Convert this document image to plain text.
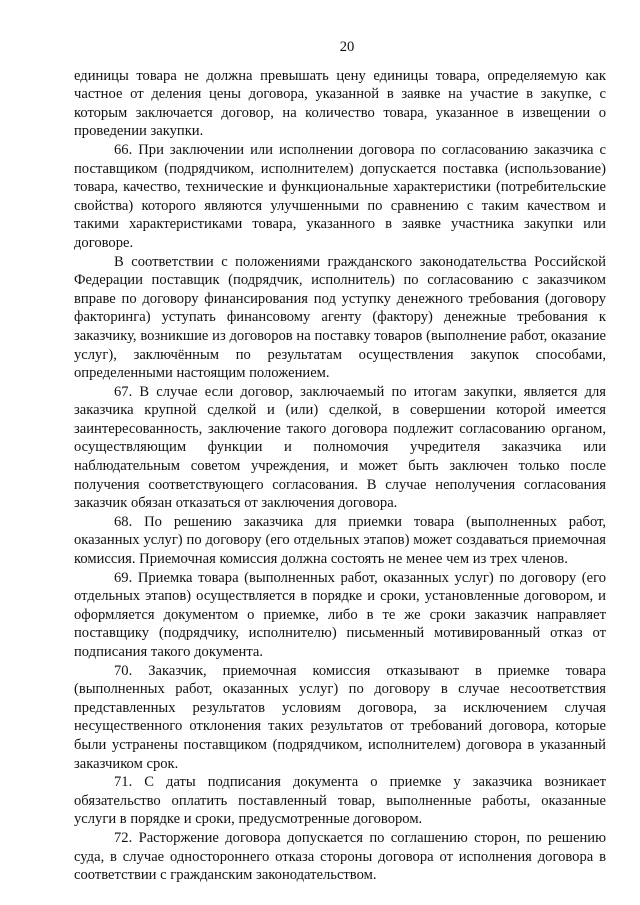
20

единицы товара не должна превышать цену единицы товара, определяемую как частное от деления цены договора, указанной в заявке на участие в закупке, с которым заключается договор, на количество товара, указанное в извещении о проведении закупки.

66. При заключении или исполнении договора по согласованию заказчика с поставщиком (подрядчиком, исполнителем) допускается поставка (использование) товара, качество, технические и функциональные характеристики (потребительские свойства) которого являются улучшенными по сравнению с таким качеством и такими характеристиками товара, указанного в заявке участника закупки или договоре.

В соответствии с положениями гражданского законодательства Российской Федерации поставщик (подрядчик, исполнитель) по согласованию с заказчиком вправе по договору финансирования под уступку денежного требования (договору факторинга) уступать финансовому агенту (фактору) денежные требования к заказчику, возникшие из договоров на поставку товаров (выполнение работ, оказание услуг), заключённым по результатам осуществления закупок способами, определенными настоящим положением.

67. В случае если договор, заключаемый по итогам закупки, является для заказчика крупной сделкой и (или) сделкой, в совершении которой имеется заинтересованность, заключение такого договора подлежит согласованию органом, осуществляющим функции и полномочия учредителя заказчика или наблюдательным советом учреждения, и может быть заключен только после получения соответствующего согласования. В случае неполучения согласования заказчик обязан отказаться от заключения договора.

68. По решению заказчика для приемки товара (выполненных работ, оказанных услуг) по договору (его отдельных этапов) может создаваться приемочная комиссия. Приемочная комиссия должна состоять не менее чем из трех членов.

69. Приемка товара (выполненных работ, оказанных услуг) по договору (его отдельных этапов) осуществляется в порядке и сроки, установленные договором, и оформляется документом о приемке, либо в те же сроки заказчик направляет поставщику (подрядчику, исполнителю) письменный мотивированный отказ от подписания такого документа.

70. Заказчик, приемочная комиссия отказывают в приемке товара (выполненных работ, оказанных услуг) по договору в случае несоответствия представленных результатов условиям договора, за исключением случая несущественного отклонения таких результатов от требований договора, которые были устранены поставщиком (подрядчиком, исполнителем) договора в указанный заказчиком срок.

71. С даты подписания документа о приемке у заказчика возникает обязательство оплатить поставленный товар, выполненные работы, оказанные услуги в порядке и сроки, предусмотренные договором.

72. Расторжение договора допускается по соглашению сторон, по решению суда, в случае одностороннего отказа стороны договора от исполнения договора в соответствии с гражданским законодательством.
